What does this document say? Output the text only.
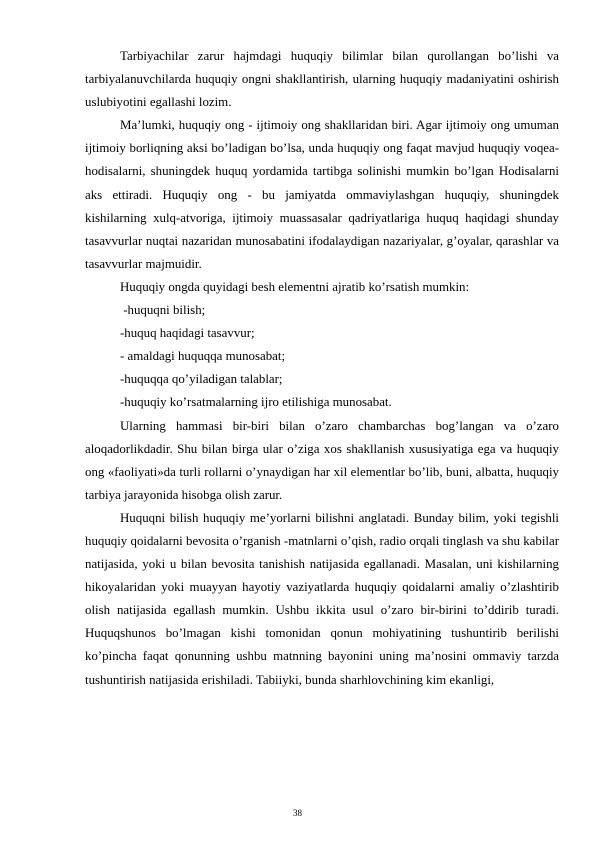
Tarbiyachilar zarur hajmdagi huquqiy bilimlar bilan qurollangan bo’lishi va tarbiyalanuvchilarda huquqiy ongni shakllantirish, ularning huquqiy madaniyatini oshirish uslubiyotini egallashi lozim.

Ma’lumki, huquqiy ong - ijtimoiy ong shakllaridan biri. Agar ijtimoiy ong umuman ijtimoiy borliqning aksi bo’ladigan bo’lsa, unda huquqiy ong faqat mavjud huquqiy voqea-hodisalarni, shuningdek huquq yordamida tartibga solinishi mumkin bo’lgan Hodisalarni aks ettiradi. Huquqiy ong - bu jamiyatda ommaviylashgan huquqiy, shuningdek kishilarning xulq-atvoriga, ijtimoiy muassasalar qadriyatlariga huquq haqidagi shunday tasavvurlar nuqtai nazaridan munosabatini ifodalaydigan nazariyalar, g’oyalar, qarashlar va tasavvurlar majmuidir.

Huquqiy ongda quyidagi besh elementni ajratib ko’rsatish mumkin:

-huquqni bilish;

-huquq haqidagi tasavvur;

- amaldagi huquqqa munosabat;

-huquqqa qo’yiladigan talablar;

-huquqiy ko’rsatmalarning ijro etilishiga munosabat.

Ularning hammasi bir-biri bilan o’zaro chambarchas bog’langan va o’zaro aloqadorlikdadir. Shu bilan birga ular o’ziga xos shakllanish xususiyatiga ega va huquqiy ong «faoliyati»da turli rollarni o’ynaydigan har xil elementlar bo’lib, buni, albatta, huquqiy tarbiya jarayonida hisobga olish zarur.

Huquqni bilish huquqiy me’yorlarni bilishni anglatadi. Bunday bilim, yoki tegishli huquqiy qoidalarni bevosita o’rganish -matnlarni o’qish, radio orqali tinglash va shu kabilar natijasida, yoki u bilan bevosita tanishish natijasida egallanadi. Masalan, uni kishilarning hikoyalaridan yoki muayyan hayotiy vaziyatlarda huquqiy qoidalarni amaliy o’zlashtirib olish natijasida egallash mumkin. Ushbu ikkita usul o’zaro bir-birini to’ddirib turadi. Huquqshunos bo’lmagan kishi tomonidan qonun mohiyatining tushuntirib berilishi ko’pincha faqat qonunning ushbu matnning bayonini uning ma’nosini ommaviy tarzda tushuntirish natijasida erishiladi. Tabiiyki, bunda sharhlovchining kim ekanligi,

38
